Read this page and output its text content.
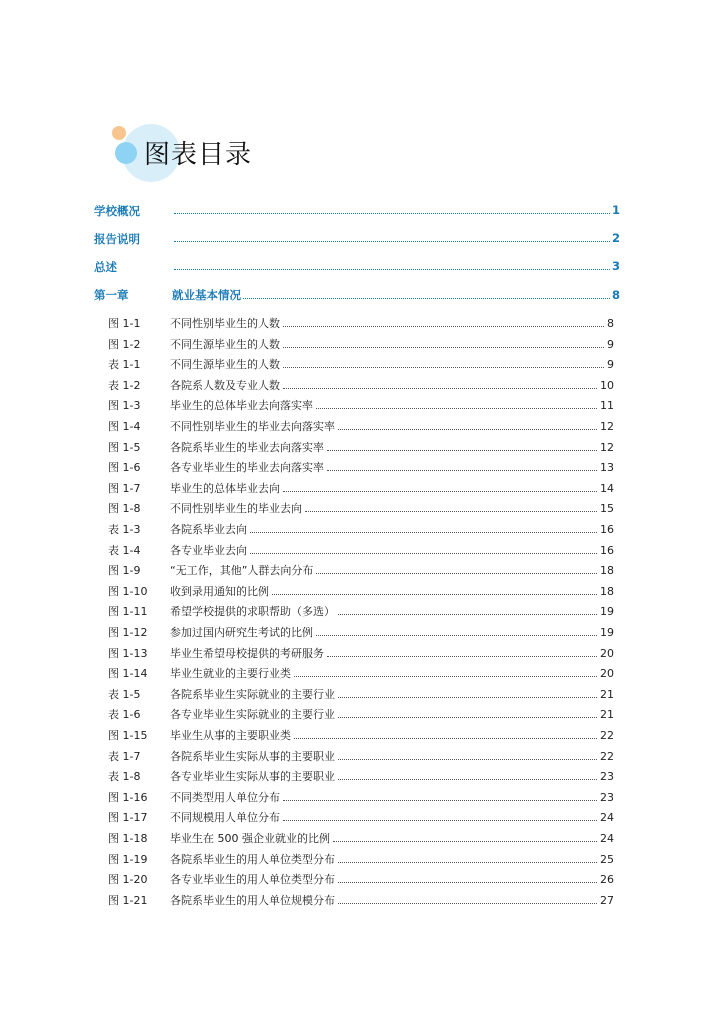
图表目录
学校概况	1
报告说明	2
总述	3
第一章	就业基本情况	8
图 1-1	不同性别毕业生的人数	8
图 1-2	不同生源毕业生的人数	9
表 1-1	不同生源毕业生的人数	9
表 1-2	各院系人数及专业人数	10
图 1-3	毕业生的总体毕业去向落实率	11
图 1-4	不同性别毕业生的毕业去向落实率	12
图 1-5	各院系毕业生的毕业去向落实率	12
图 1-6	各专业毕业生的毕业去向落实率	13
图 1-7	毕业生的总体毕业去向	14
图 1-8	不同性别毕业生的毕业去向	15
表 1-3	各院系毕业去向	16
表 1-4	各专业毕业去向	16
图 1-9	“无工作，其他”人群去向分布	18
图 1-10 收到录用通知的比例	18
图 1-11 希望学校提供的求职帮助（多选）	19
图 1-12 参加过国内研究生考试的比例	19
图 1-13 毕业生希望母校提供的考研服务	20
图 1-14 毕业生就业的主要行业类	20
表 1-5	各院系毕业生实际就业的主要行业	21
表 1-6	各专业毕业生实际就业的主要行业	21
图 1-15 毕业生从事的主要职业类	22
表 1-7	各院系毕业生实际从事的主要职业	22
表 1-8	各专业毕业生实际从事的主要职业	23
图 1-16 不同类型用人单位分布	23
图 1-17 不同规模用人单位分布	24
图 1-18 毕业生在 500 强企业就业的比例	24
图 1-19 各院系毕业生的用人单位类型分布	25
图 1-20 各专业毕业生的用人单位类型分布	26
图 1-21 各院系毕业生的用人单位规模分布	27
